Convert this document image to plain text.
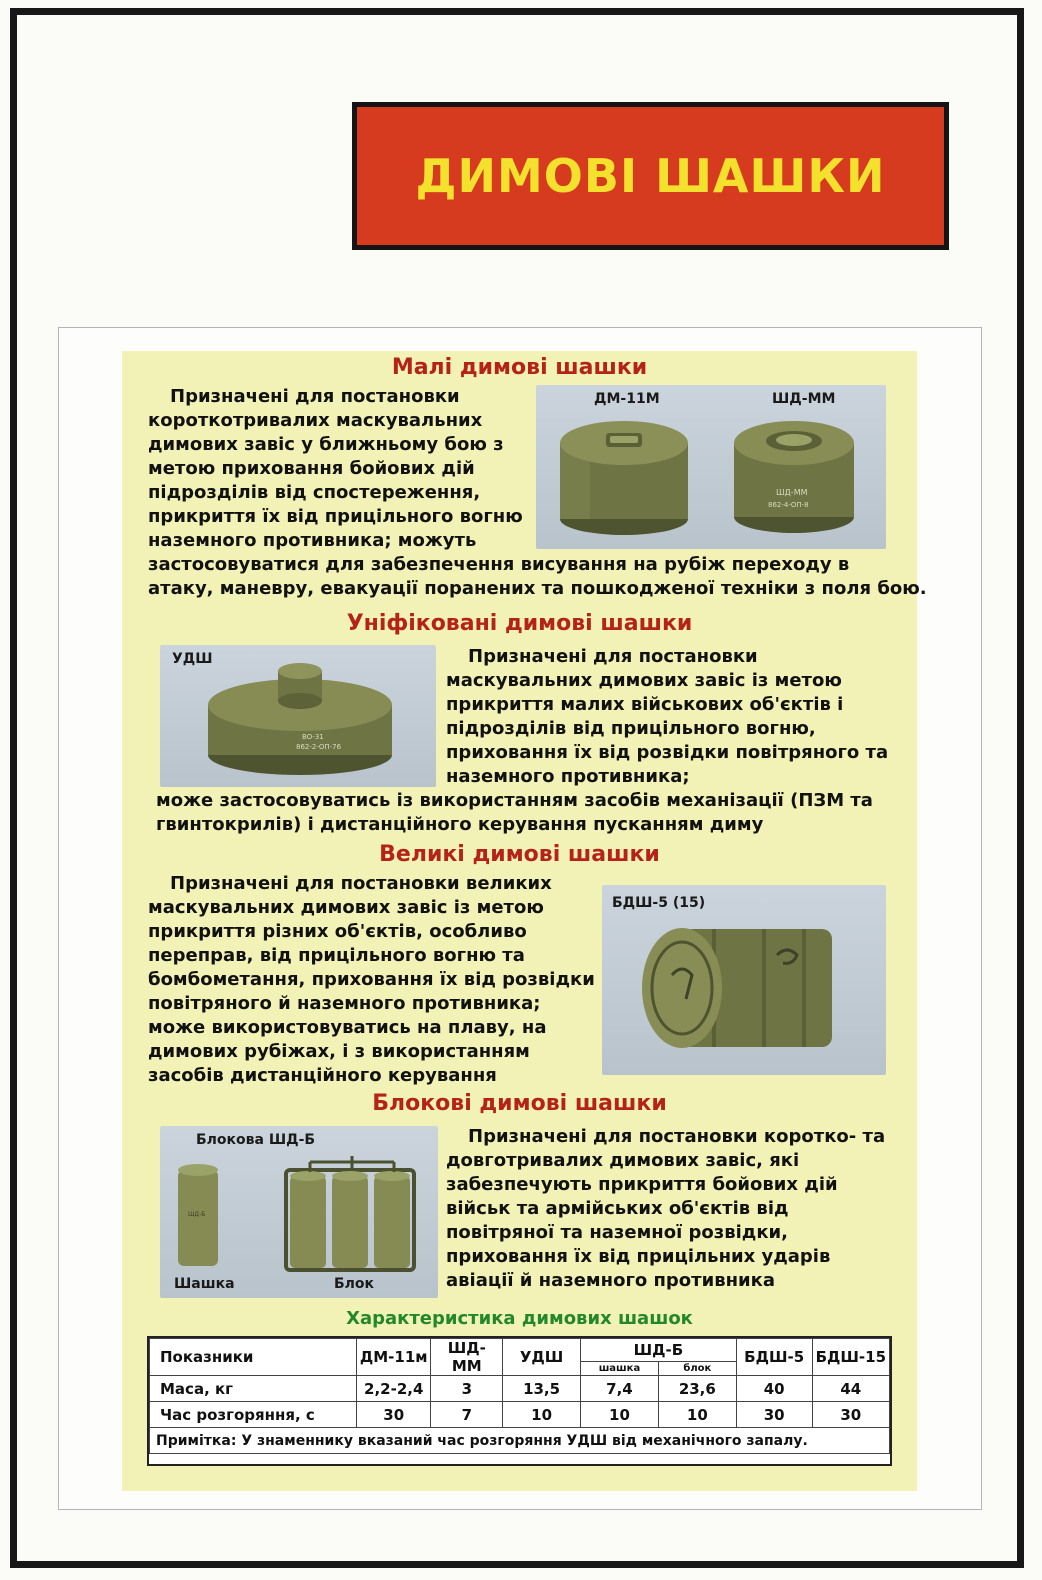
ДИМОВІ ШАШКИ
Малі димові шашки

Призначені для постановки

короткотривалих маскувальних

димових завіс у ближньому бою з

метою приховання бойових дій

підрозділів від спостереження,

прикриття їх від прицільного вогню

наземного противника; можуть

застосовуватися для забезпечення висування на рубіж переходу в

атаку, маневру, евакуації поранених та пошкодженої техніки з поля бою.

ДМ-11М	ШД-ММ
ШД-ММ
862-4-ОП-8
Уніфіковані димові шашки
УДШ
ВО-31
862-2-ОП-76

Призначені для постановки

маскувальних димових завіс із метою

прикриття малих військових об'єктів і

підрозділів від прицільного вогню,

приховання їх від розвідки повітряного та

наземного противника;

може застосовуватись із використанням засобів механізації (ПЗМ та

гвинтокрилів) і дистанційного керування пусканням диму

Великі димові шашки

Призначені для постановки великих

маскувальних димових завіс із метою

прикриття різних об'єктів, особливо

переправ, від прицільного вогню та

бомбометання, приховання їх від розвідки

повітряного й наземного противника;

може використовуватись на плаву, на

димових рубіжах, і з використанням

засобів дистанційного керування

БДШ-5 (15)
Блокові димові шашки
Блокова ШД-Б
Шашка	Блок
ШД-Б

Призначені для постановки коротко- та

довготривалих димових завіс, які

забезпечують прикриття бойових дій

військ та армійських об'єктів від

повітряної та наземної розвідки,

приховання їх від прицільних ударів

авіації й наземного противника

Характеристика димових шашок
Показники	ДМ-11м	ШД-ММ	УДШ	ШД-Б		БДШ-5	БДШ-15
				шашка	блок		
Маса, кг	2,2-2,4	3	13,5	7,4	23,6	40	44
Час розгоряння, с	30	7	10	10	10	30	30
Примітка: У знаменнику вказаний час розгоряння УДШ від механічного запалу.							
